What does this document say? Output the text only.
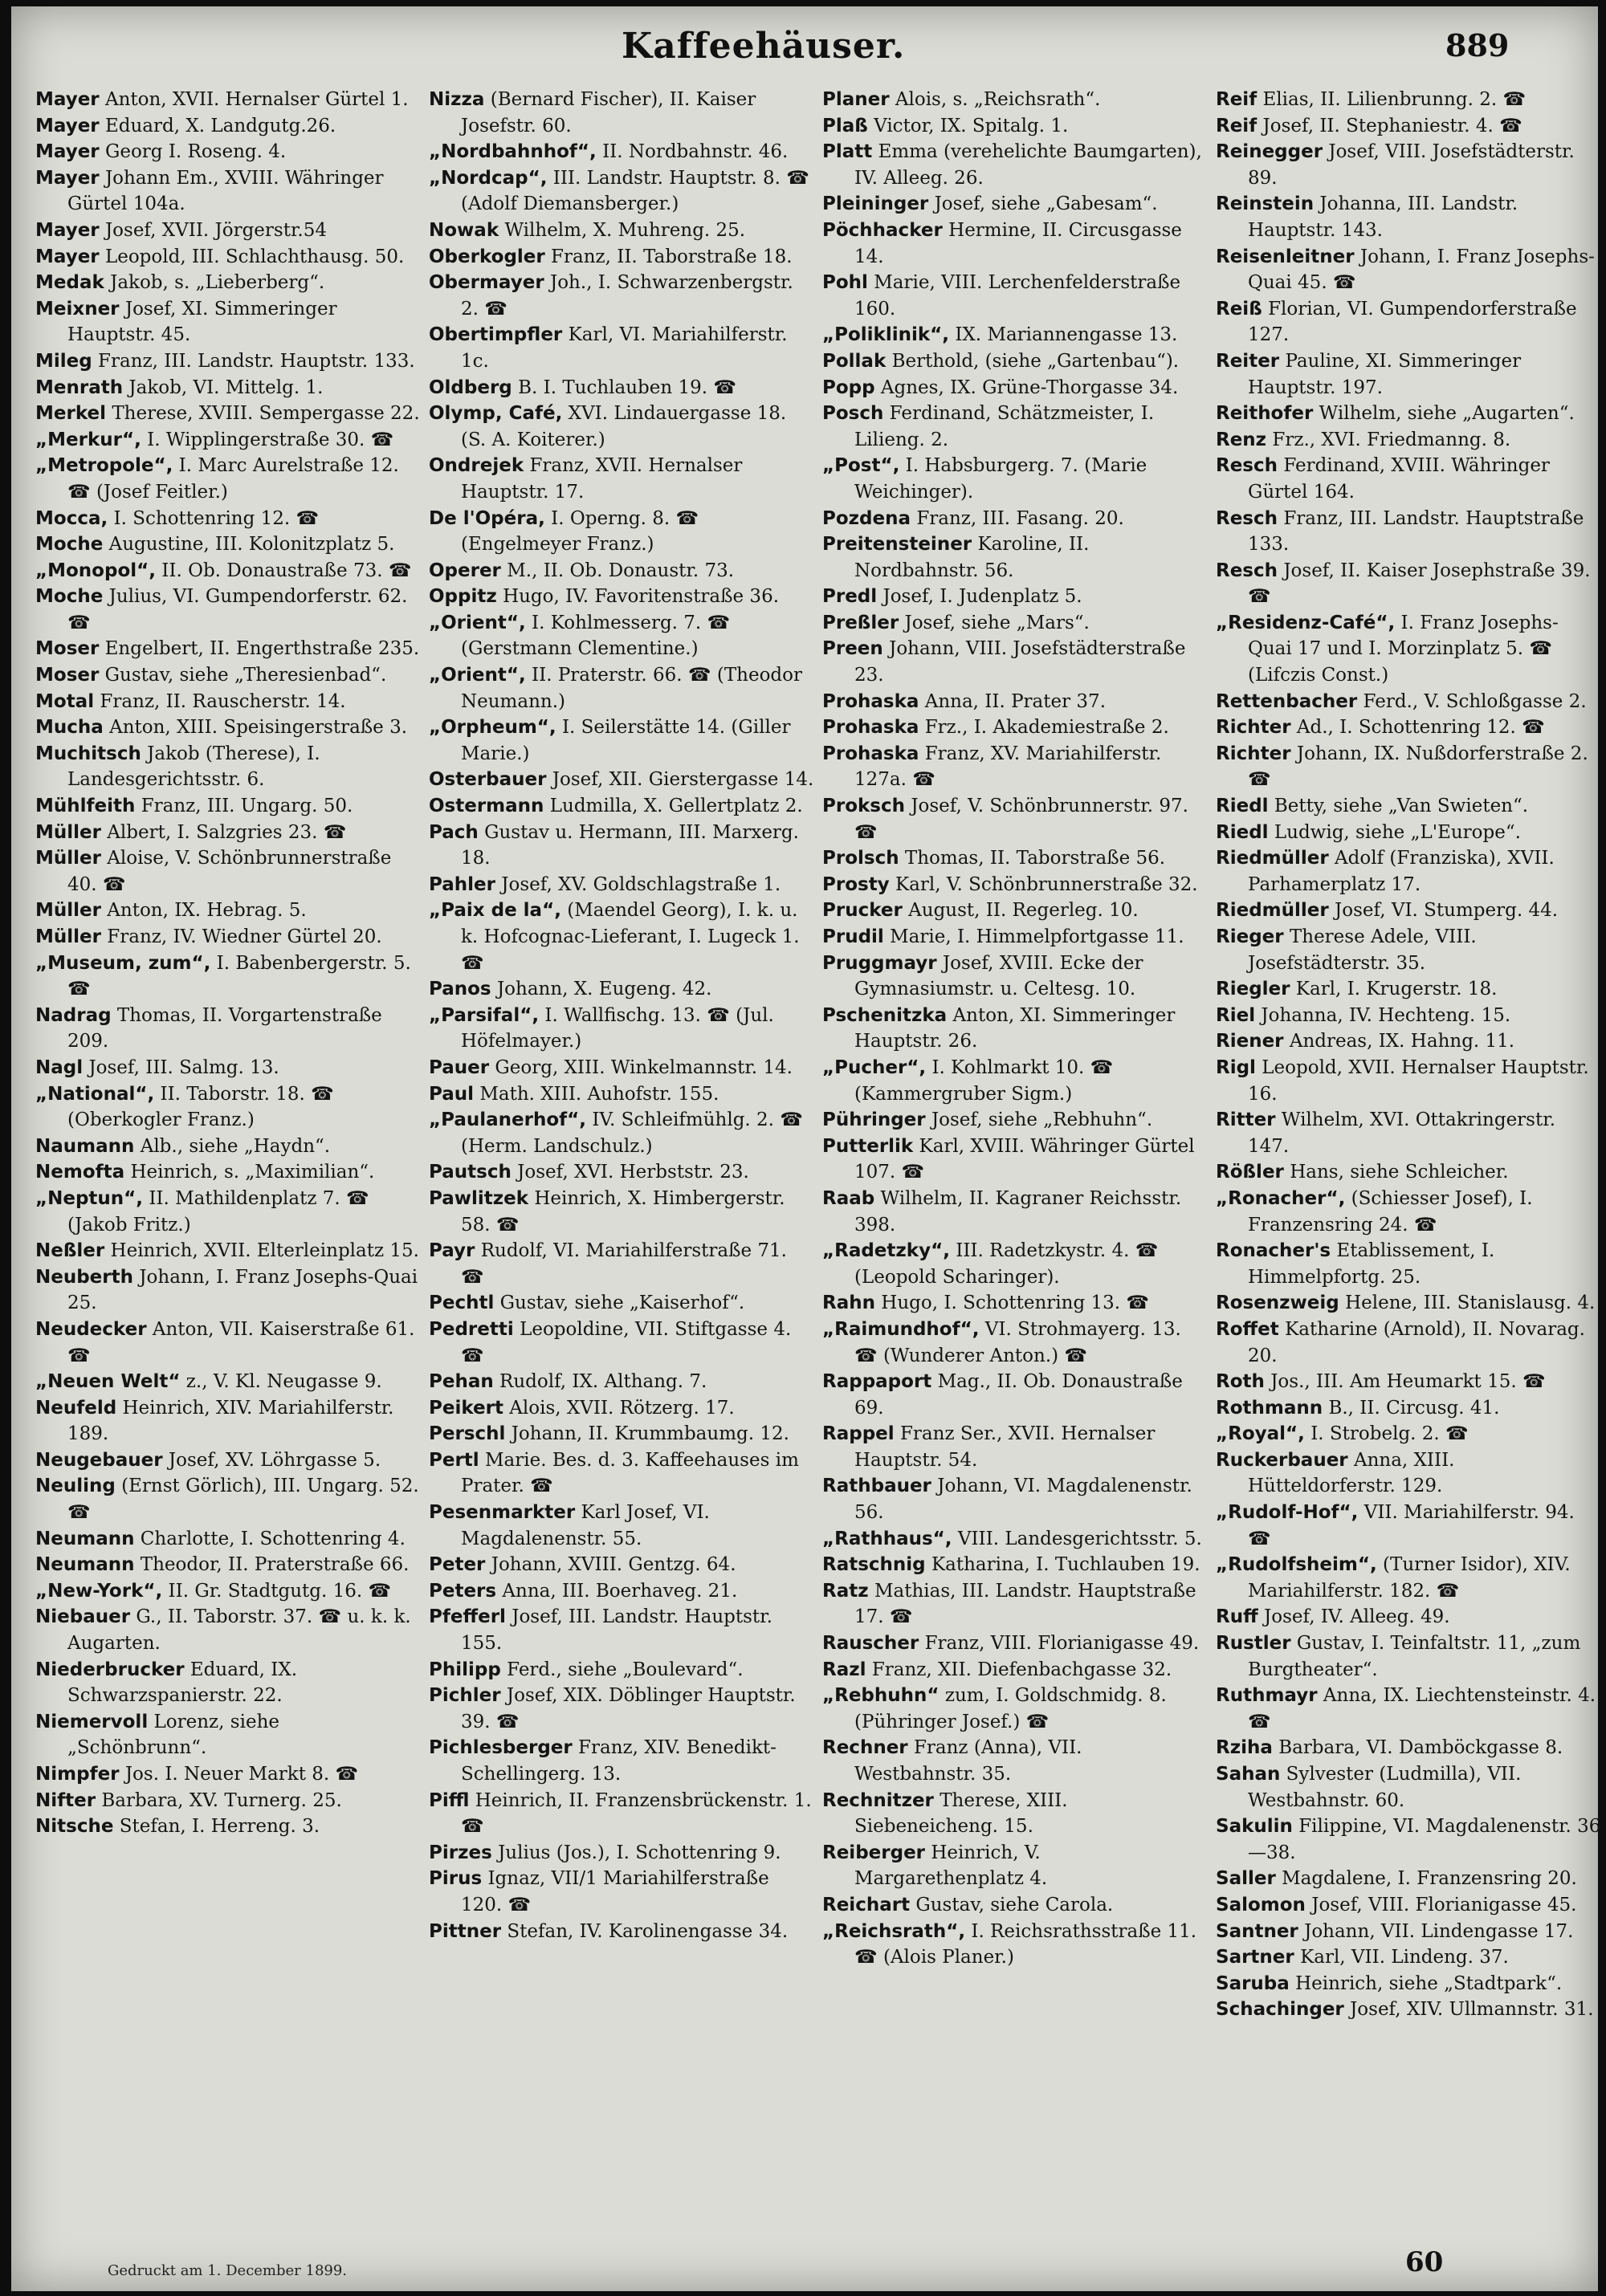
Kaffeehäuser.	889

Mayer Anton, XVII. Hernalser Gürtel 1.

Mayer Eduard, X. Landgutg.26.

Mayer Georg I. Roseng. 4.

Mayer Johann Em., XVIII. Währinger Gürtel 104a.

Mayer Josef, XVII. Jörgerstr.54

Mayer Leopold, III. Schlachthausg. 50.

Medak Jakob, s. „Lieberberg“.

Meixner Josef, XI. Simmeringer Hauptstr. 45.

Mileg Franz, III. Landstr. Hauptstr. 133.

Menrath Jakob, VI. Mittelg. 1.

Merkel Therese, XVIII. Sempergasse 22.

„Merkur“, I. Wipplingerstraße 30. ☎

„Metropole“, I. Marc Aurelstraße 12. ☎ (Josef Feitler.)

Mocca, I. Schottenring 12. ☎

Moche Augustine, III. Kolonitzplatz 5.

„Monopol“, II. Ob. Donaustraße 73. ☎

Moche Julius, VI. Gumpendorferstr. 62. ☎

Moser Engelbert, II. Engerthstraße 235.

Moser Gustav, siehe „Theresienbad“.

Motal Franz, II. Rauscherstr. 14.

Mucha Anton, XIII. Speisingerstraße 3.

Muchitsch Jakob (Therese), I. Landesgerichtsstr. 6.

Mühlfeith Franz, III. Ungarg. 50.

Müller Albert, I. Salzgries 23. ☎

Müller Aloise, V. Schönbrunnerstraße 40. ☎

Müller Anton, IX. Hebrag. 5.

Müller Franz, IV. Wiedner Gürtel 20.

„Museum, zum“, I. Babenbergerstr. 5. ☎

Nadrag Thomas, II. Vorgartenstraße 209.

Nagl Josef, III. Salmg. 13.

„National“, II. Taborstr. 18. ☎ (Oberkogler Franz.)

Naumann Alb., siehe „Haydn“.

Nemofta Heinrich, s. „Maximilian“.

„Neptun“, II. Mathildenplatz 7. ☎ (Jakob Fritz.)

Neßler Heinrich, XVII. Elterleinplatz 15.

Neuberth Johann, I. Franz Josephs-Quai 25.

Neudecker Anton, VII. Kaiserstraße 61. ☎

„Neuen Welt“ z., V. Kl. Neugasse 9.

Neufeld Heinrich, XIV. Mariahilferstr. 189.

Neugebauer Josef, XV. Löhrgasse 5.

Neuling (Ernst Görlich), III. Ungarg. 52. ☎

Neumann Charlotte, I. Schottenring 4.

Neumann Theodor, II. Praterstraße 66.

„New-York“, II. Gr. Stadtgutg. 16. ☎

Niebauer G., II. Taborstr. 37. ☎ u. k. k. Augarten.

Niederbrucker Eduard, IX. Schwarzspanierstr. 22.

Niemervoll Lorenz, siehe „Schönbrunn“.

Nimpfer Jos. I. Neuer Markt 8. ☎

Nifter Barbara, XV. Turnerg. 25.

Nitsche Stefan, I. Herreng. 3.

Nizza (Bernard Fischer), II. Kaiser Josefstr. 60.

„Nordbahnhof“, II. Nordbahnstr. 46.

„Nordcap“, III. Landstr. Hauptstr. 8. ☎ (Adolf Diemansberger.)

Nowak Wilhelm, X. Muhreng. 25.

Oberkogler Franz, II. Taborstraße 18.

Obermayer Joh., I. Schwarzenbergstr. 2. ☎

Obertimpfler Karl, VI. Mariahilferstr. 1c.

Oldberg B. I. Tuchlauben 19. ☎

Olymp, Café, XVI. Lindauergasse 18. (S. A. Koiterer.)

Ondrejek Franz, XVII. Hernalser Hauptstr. 17.

De l'Opéra, I. Operng. 8. ☎ (Engelmeyer Franz.)

Operer M., II. Ob. Donaustr. 73.

Oppitz Hugo, IV. Favoritenstraße 36.

„Orient“, I. Kohlmesserg. 7. ☎ (Gerstmann Clementine.)

„Orient“, II. Praterstr. 66. ☎ (Theodor Neumann.)

„Orpheum“, I. Seilerstätte 14. (Giller Marie.)

Osterbauer Josef, XII. Gierstergasse 14.

Ostermann Ludmilla, X. Gellertplatz 2.

Pach Gustav u. Hermann, III. Marxerg. 18.

Pahler Josef, XV. Goldschlagstraße 1.

„Paix de la“, (Maendel Georg), I. k. u. k. Hofcognac-Lieferant, I. Lugeck 1. ☎

Panos Johann, X. Eugeng. 42.

„Parsifal“, I. Wallfischg. 13. ☎ (Jul. Höfelmayer.)

Pauer Georg, XIII. Winkelmannstr. 14.

Paul Math. XIII. Auhofstr. 155.

„Paulanerhof“, IV. Schleifmühlg. 2. ☎ (Herm. Landschulz.)

Pautsch Josef, XVI. Herbststr. 23.

Pawlitzek Heinrich, X. Himbergerstr. 58. ☎

Payr Rudolf, VI. Mariahilferstraße 71. ☎

Pechtl Gustav, siehe „Kaiserhof“.

Pedretti Leopoldine, VII. Stiftgasse 4. ☎

Pehan Rudolf, IX. Althang. 7.

Peikert Alois, XVII. Rötzerg. 17.

Perschl Johann, II. Krummbaumg. 12.

Pertl Marie. Bes. d. 3. Kaffeehauses im Prater. ☎

Pesenmarkter Karl Josef, VI. Magdalenenstr. 55.

Peter Johann, XVIII. Gentzg. 64.

Peters Anna, III. Boerhaveg. 21.

Pfefferl Josef, III. Landstr. Hauptstr. 155.

Philipp Ferd., siehe „Boulevard“.

Pichler Josef, XIX. Döblinger Hauptstr. 39. ☎

Pichlesberger Franz, XIV. Benedikt-Schellingerg. 13.

Piffl Heinrich, II. Franzensbrückenstr. 1. ☎

Pirzes Julius (Jos.), I. Schottenring 9.

Pirus Ignaz, VII/1 Mariahilferstraße 120. ☎

Pittner Stefan, IV. Karolinengasse 34.

Planer Alois, s. „Reichsrath“.

Plaß Victor, IX. Spitalg. 1.

Platt Emma (verehelichte Baumgarten), IV. Alleeg. 26.

Pleininger Josef, siehe „Gabesam“.

Pöchhacker Hermine, II. Circusgasse 14.

Pohl Marie, VIII. Lerchenfelderstraße 160.

„Poliklinik“, IX. Mariannengasse 13.

Pollak Berthold, (siehe „Gartenbau“).

Popp Agnes, IX. Grüne-Thorgasse 34.

Posch Ferdinand, Schätzmeister, I. Lilieng. 2.

„Post“, I. Habsburgerg. 7. (Marie Weichinger).

Pozdena Franz, III. Fasang. 20.

Preitensteiner Karoline, II. Nordbahnstr. 56.

Predl Josef, I. Judenplatz 5.

Preßler Josef, siehe „Mars“.

Preen Johann, VIII. Josefstädterstraße 23.

Prohaska Anna, II. Prater 37.

Prohaska Frz., I. Akademiestraße 2.

Prohaska Franz, XV. Mariahilferstr. 127a. ☎

Proksch Josef, V. Schönbrunnerstr. 97. ☎

Prolsch Thomas, II. Taborstraße 56.

Prosty Karl, V. Schönbrunnerstraße 32.

Prucker August, II. Regerleg. 10.

Prudil Marie, I. Himmelpfortgasse 11.

Pruggmayr Josef, XVIII. Ecke der Gymnasiumstr. u. Celtesg. 10.

Pschenitzka Anton, XI. Simmeringer Hauptstr. 26.

„Pucher“, I. Kohlmarkt 10. ☎ (Kammergruber Sigm.)

Pühringer Josef, siehe „Rebhuhn“.

Putterlik Karl, XVIII. Währinger Gürtel 107. ☎

Raab Wilhelm, II. Kagraner Reichsstr. 398.

„Radetzky“, III. Radetzkystr. 4. ☎ (Leopold Scharinger).

Rahn Hugo, I. Schottenring 13. ☎

„Raimundhof“, VI. Strohmayerg. 13. ☎ (Wunderer Anton.) ☎

Rappaport Mag., II. Ob. Donaustraße 69.

Rappel Franz Ser., XVII. Hernalser Hauptstr. 54.

Rathbauer Johann, VI. Magdalenenstr. 56.

„Rathhaus“, VIII. Landesgerichtsstr. 5.

Ratschnig Katharina, I. Tuchlauben 19.

Ratz Mathias, III. Landstr. Hauptstraße 17. ☎

Rauscher Franz, VIII. Florianigasse 49.

Razl Franz, XII. Diefenbachgasse 32.

„Rebhuhn“ zum, I. Goldschmidg. 8. (Pühringer Josef.) ☎

Rechner Franz (Anna), VII. Westbahnstr. 35.

Rechnitzer Therese, XIII. Siebeneicheng. 15.

Reiberger Heinrich, V. Margarethenplatz 4.

Reichart Gustav, siehe Carola.

„Reichsrath“, I. Reichsrathsstraße 11. ☎ (Alois Planer.)

Reif Elias, II. Lilienbrunng. 2. ☎

Reif Josef, II. Stephaniestr. 4. ☎

Reinegger Josef, VIII. Josefstädterstr. 89.

Reinstein Johanna, III. Landstr. Hauptstr. 143.

Reisenleitner Johann, I. Franz Josephs-Quai 45. ☎

Reiß Florian, VI. Gumpendorferstraße 127.

Reiter Pauline, XI. Simmeringer Hauptstr. 197.

Reithofer Wilhelm, siehe „Augarten“.

Renz Frz., XVI. Friedmanng. 8.

Resch Ferdinand, XVIII. Währinger Gürtel 164.

Resch Franz, III. Landstr. Hauptstraße 133.

Resch Josef, II. Kaiser Josephstraße 39. ☎

„Residenz-Café“, I. Franz Josephs-Quai 17 und I. Morzinplatz 5. ☎ (Lifczis Const.)

Rettenbacher Ferd., V. Schloßgasse 2.

Richter Ad., I. Schottenring 12. ☎

Richter Johann, IX. Nußdorferstraße 2. ☎

Riedl Betty, siehe „Van Swieten“.

Riedl Ludwig, siehe „L'Europe“.

Riedmüller Adolf (Franziska), XVII. Parhamerplatz 17.

Riedmüller Josef, VI. Stumperg. 44.

Rieger Therese Adele, VIII. Josefstädterstr. 35.

Riegler Karl, I. Krugerstr. 18.

Riel Johanna, IV. Hechteng. 15.

Riener Andreas, IX. Hahng. 11.

Rigl Leopold, XVII. Hernalser Hauptstr. 16.

Ritter Wilhelm, XVI. Ottakringerstr. 147.

Rößler Hans, siehe Schleicher.

„Ronacher“, (Schiesser Josef), I. Franzensring 24. ☎

Ronacher's Etablissement, I. Himmelpfortg. 25.

Rosenzweig Helene, III. Stanislausg. 4.

Roffet Katharine (Arnold), II. Novarag. 20.

Roth Jos., III. Am Heumarkt 15. ☎

Rothmann B., II. Circusg. 41.

„Royal“, I. Strobelg. 2. ☎

Ruckerbauer Anna, XIII. Hütteldorferstr. 129.

„Rudolf-Hof“, VII. Mariahilferstr. 94. ☎

„Rudolfsheim“, (Turner Isidor), XIV. Mariahilferstr. 182. ☎

Ruff Josef, IV. Alleeg. 49.

Rustler Gustav, I. Teinfaltstr. 11, „zum Burgtheater“.

Ruthmayr Anna, IX. Liechtensteinstr. 4. ☎

Rziha Barbara, VI. Damböckgasse 8.

Sahan Sylvester (Ludmilla), VII. Westbahnstr. 60.

Sakulin Filippine, VI. Magdalenenstr. 36—38.

Saller Magdalene, I. Franzensring 20.

Salomon Josef, VIII. Florianigasse 45.

Santner Johann, VII. Lindengasse 17.

Sartner Karl, VII. Lindeng. 37.

Saruba Heinrich, siehe „Stadtpark“.

Schachinger Josef, XIV. Ullmannstr. 31.

Gedruckt am 1. December 1899.	60
